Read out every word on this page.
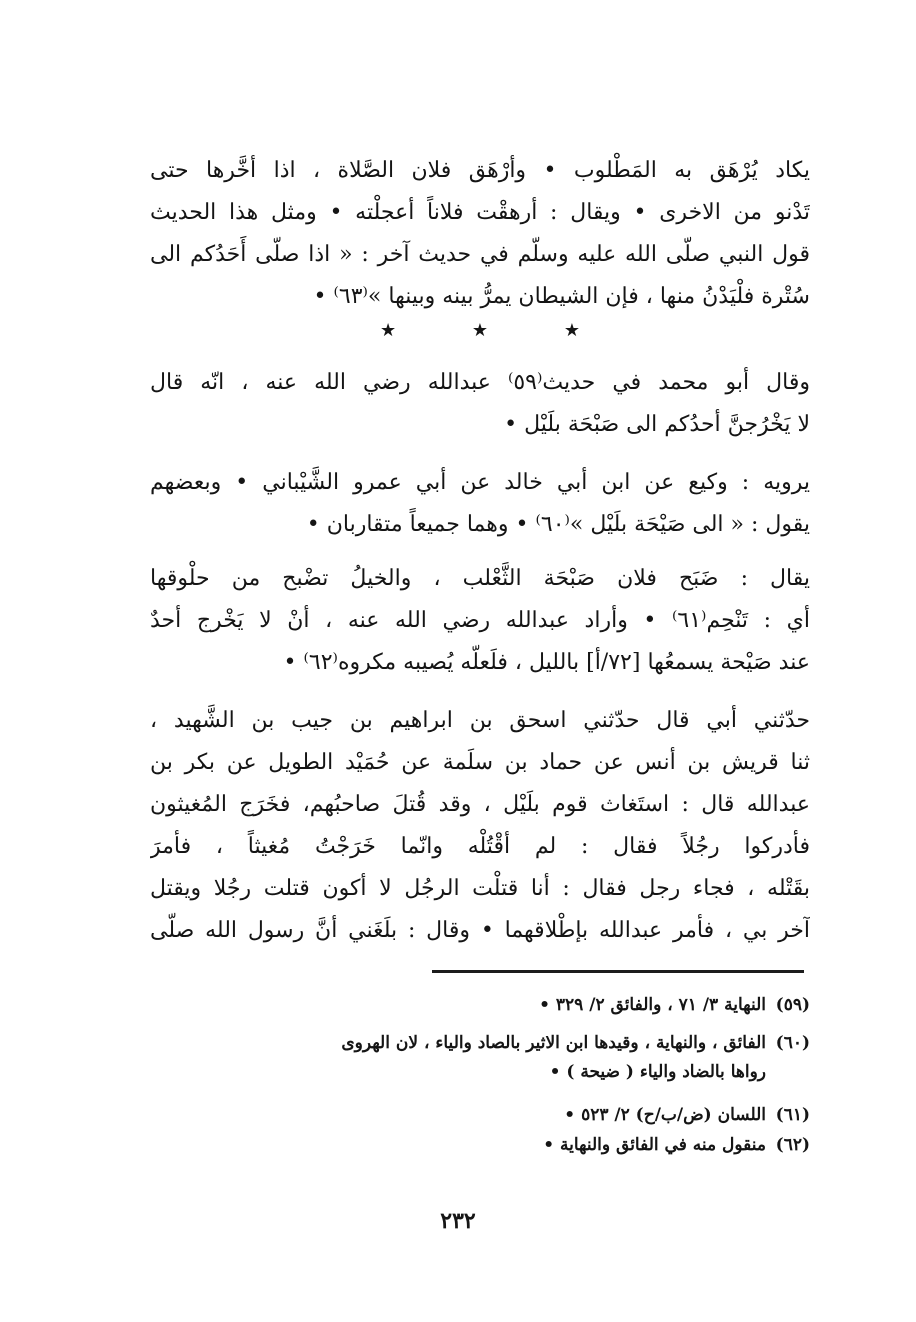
يكاد يُرْهَق به المَطْلوب • وأرْهَق فلان الصَّلاة ، اذا أخَّرها حتى
تَدْنو من الاخرى • ويقال : أرهقْت فلاناً أعجلْته • ومثل هذا الحديث
قول النبي صلّى الله عليه وسلّم في حديث آخر : « اذا صلّى أَحَدُكم الى
سُتْرة فلْيَدْنُ منها ، فإن الشيطان يمرُّ بينه وبينها »⁽٦٣⁾ •
★	★	★
وقال أبو محمد في حديث⁽٥٩⁾ عبدالله رضي الله عنه ، انّه قال
لا يَخْرُجنَّ أحدُكم الى صَبْحَة بلَيْل •
يرويه : وكيع عن ابن أبي خالد عن أبي عمرو الشَّيْباني • وبعضهم
يقول : « الى صَيْحَة بلَيْل »⁽٦٠⁾ • وهما جميعاً متقاربان •
يقال : ضَبَح فلان صَبْحَة الثَّعْلب ، والخيلُ تضْبح من حلْوقها
أي : تَنْحِم⁽٦١⁾ • وأراد عبدالله رضي الله عنه ، أنْ لا يَخْرج أحدٌ
عند صَيْحة يسمعُها [٧٢/أ] بالليل ، فلَعلّه يُصيبه مكروه⁽٦٢⁾ •
حدّثني أبي قال حدّثني اسحق بن ابراهيم بن جيب بن الشَّهيد ،
ثنا قريش بن أنس عن حماد بن سلَمة عن حُمَيْد الطويل عن بكر بن
عبدالله قال : استَغاث قوم بلَيْل ، وقد قُتلَ صاحبُهم، فخَرَج المُغيثون
فأدركوا رجُلاً فقال : لم أقْتُلْه وانّما خَرَجْتُ مُغيثاً ، فأمرَ
بقَتْله ، فجاء رجل فقال : أنا قتلْت الرجُل لا أكون قتلت رجُلا ويقتل
آخر بي ، فأمر عبدالله بإطْلاقهما • وقال : بلَغَني أنَّ رسول الله صلّى
(٥٩)
النهاية ٣/ ٧١ ، والفائق ٢/ ٣٢٩ •
(٦٠)
الفائق ، والنهاية ، وقيدها ابن الاثير بالصاد والياء ، لان الهروى
رواها بالضاد والياء ( ضيحة ) •
(٦١)
اللسان (ض/ب/ح) ٢/ ٥٢٣ •
(٦٢)
منقول منه في الفائق والنهاية •
٢٣٢
